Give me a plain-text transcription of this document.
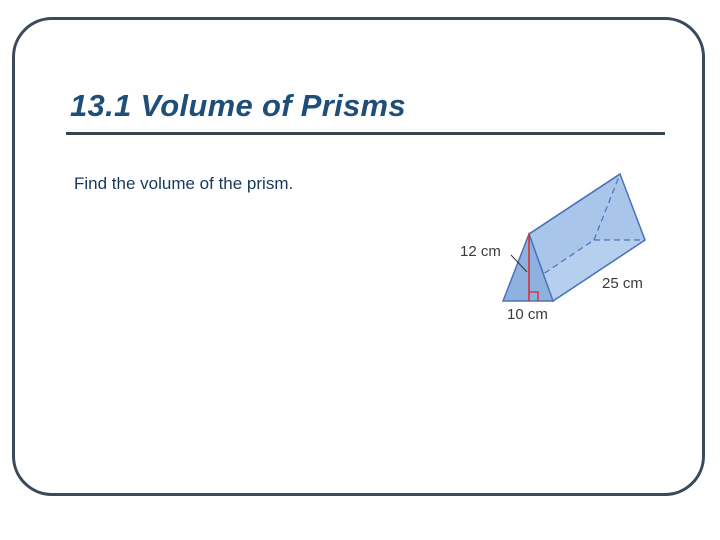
13.1 Volume of Prisms

Find the volume of the prism.

12 cm
10 cm
25 cm
